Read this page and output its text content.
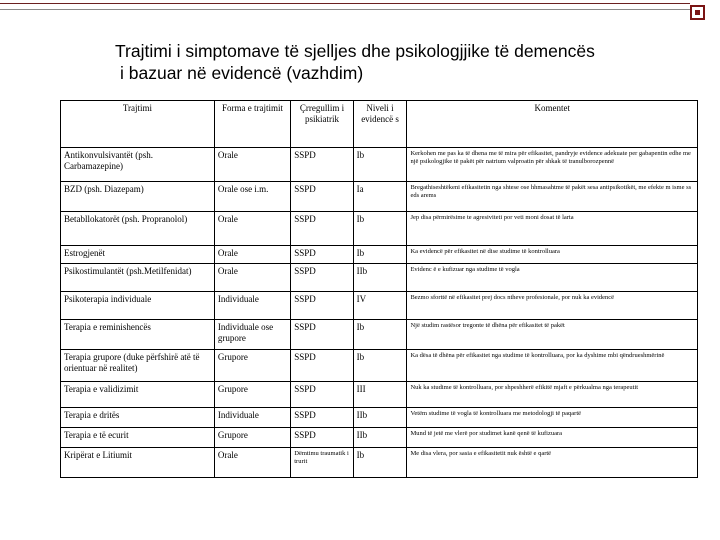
Trajtimi i simptomave të sjelljes dhe psikologjjike të demencës
i bazuar në evidencë (vazhdim)
Trajtimi	Forma e trajtimit	Çrregullim i psikiatrik	Niveli i evidencë s	Komentet
Antikonvulsivantët (psh. Carbamazepine)	Orale	SSPD	Ib	Kerkohen me pas ka të dhena me të mira për efikasitet, pandryje evidence adekuate per gabapentin edhe me një psikologjike të pakët për natrium valproatin për shkak të tranulborozpennë
BZD (psh. Diazepam)	Orale ose i.m.	SSPD	Ia	Bregathiseshtëkeni efikasitetin nga shtese ose hhmasahtme të pakët sesa antipsikotikët, me efekte m isme ss eds arems
Betabllokatorët (psh. Propranolol)	Orale	SSPD	Ib	Jep disa përmirësime te agresiviteti por veti moni dosat të larta
Estrogjenët	Orale	SSPD	Ib	Ka evidencë për efikasitet në dise studime të kontrolluara
Psikostimulantët (psh.Metilfenidat)	Orale	SSPD	IIb	Evidenc ë e kufizuar nga studime të vogla
Psikoterapia individuale	Individuale	SSPD	IV	Bezmo sforttë në efikasitet prej docs ntheve profesionale, por nuk ka evidencë
Terapia e reminishencës	Individuale ose grupore	SSPD	Ib	Një studim rastësor tregonte të dhëna për efikasitet të pakët
Terapia grupore (duke përfshirë atë të orientuar në realitet)	Grupore	SSPD	Ib	Ka dësa të dhëna për efikasitet nga studime të kontrolluara, por ka dyshime mbi qëndrueshmërinë
Terapia e validizimit	Grupore	SSPD	III	Nuk ka studime të kontrolluara, por shpeshherë efikitë mjaft e përkualma nga terapeutit
Terapia e dritës	Individuale	SSPD	IIb	Vetëm studime të vogla të kontrolluara me metodologji të paqartë
Terapia e të ecurit	Grupore	SSPD	IIb	Mund të jetë me vlerë por studimet kanë qenë të kufizuara
Kripërat e Litiumit	Orale	Dëmtimu traumatik i trurit	Ib	Me disa vlera, por sasia e efikasitetit nuk është e qartë
